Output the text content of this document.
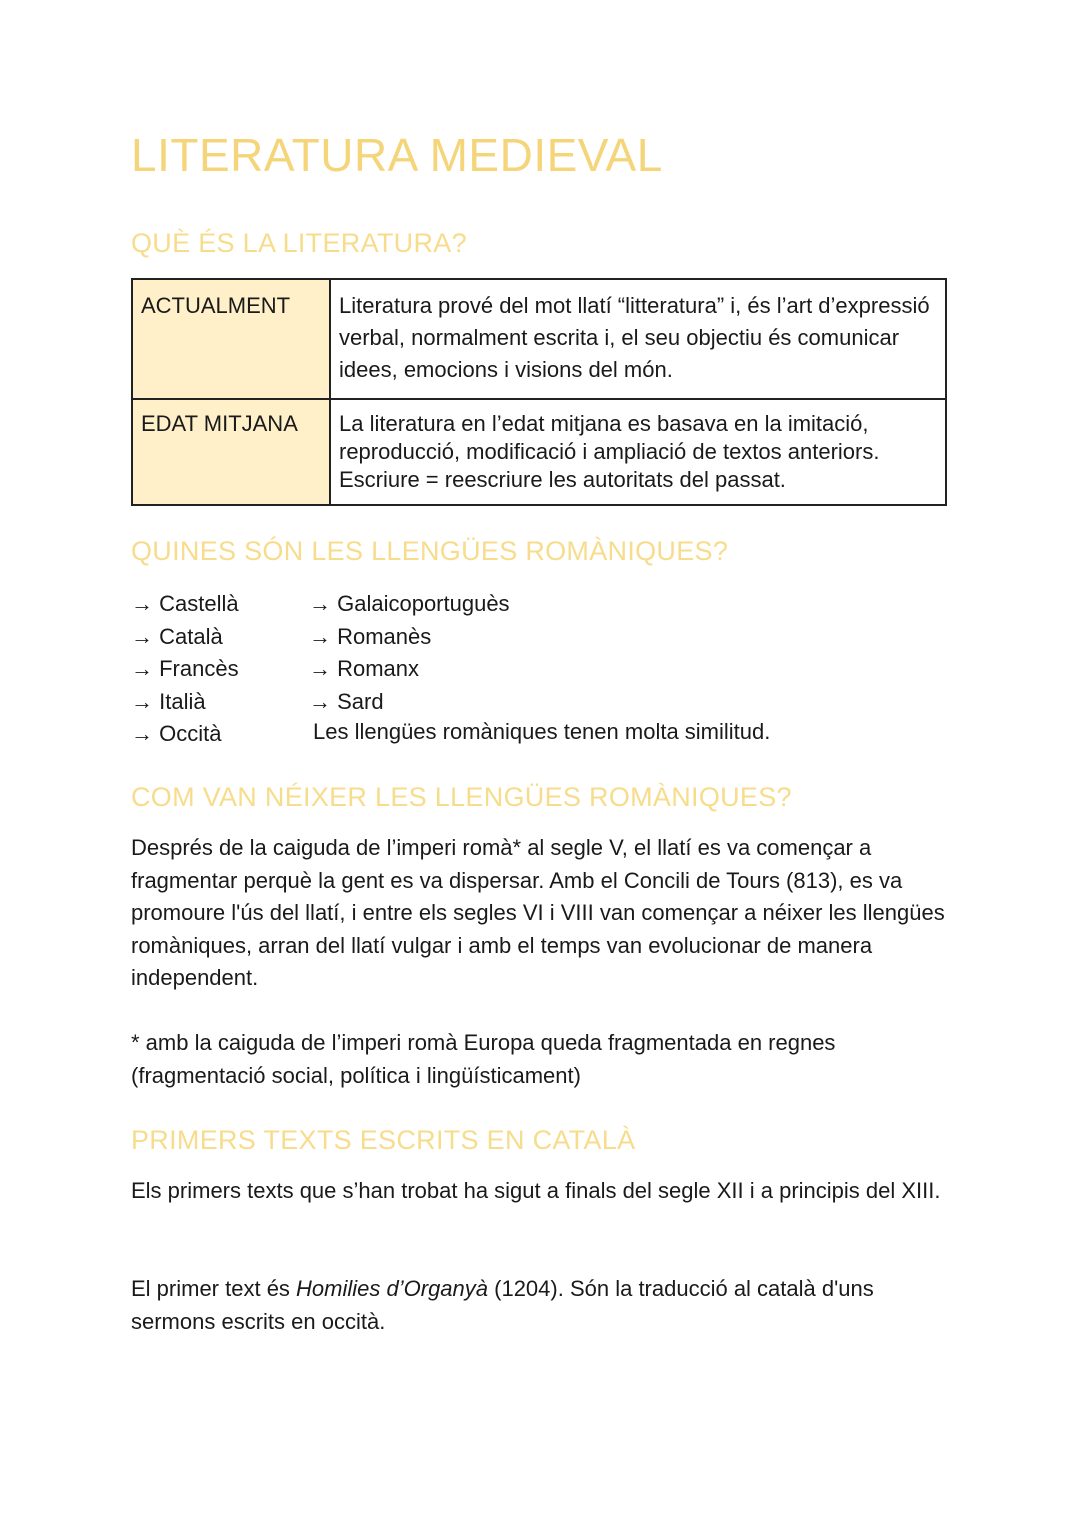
LITERATURA MEDIEVAL
QUÈ ÉS LA LITERATURA?
ACTUALMENT	Literatura prové del mot llatí “litteratura” i, és l’art d’expressió verbal, normalment escrita i, el seu objectiu és comunicar idees, emocions i visions del món.
EDAT MITJANA	La literatura en l’edat mitjana es basava en la imitació, reproducció, modificació i ampliació de textos anteriors.
Escriure = reescriure les autoritats del passat.
QUINES SÓN LES LLENGÜES ROMÀNIQUES?
→ Castellà
→ Català
→ Francès
→ Italià
→ Occità
→ Galaicoportuguès
→ Romanès
→ Romanx
→ Sard
Les llengües romàniques tenen molta similitud.
COM VAN NÉIXER LES LLENGÜES ROMÀNIQUES?

Després de la caiguda de l’imperi romà* al segle V, el llatí es va començar a fragmentar perquè la gent es va dispersar. Amb el Concili de Tours (813), es va promoure l'ús del llatí, i entre els segles VI i VIII van començar a néixer les llengües romàniques, arran del llatí vulgar i amb el temps van evolucionar de manera independent.

* amb la caiguda de l’imperi romà Europa queda fragmentada en regnes (fragmentació social, política i lingüísticament)

PRIMERS TEXTS ESCRITS EN CATALÀ

Els primers texts que s’han trobat ha sigut a finals del segle XII i a principis del XIII.

El primer text és Homilies d’Organyà (1204). Són la traducció al català d'uns sermons escrits en occità.
